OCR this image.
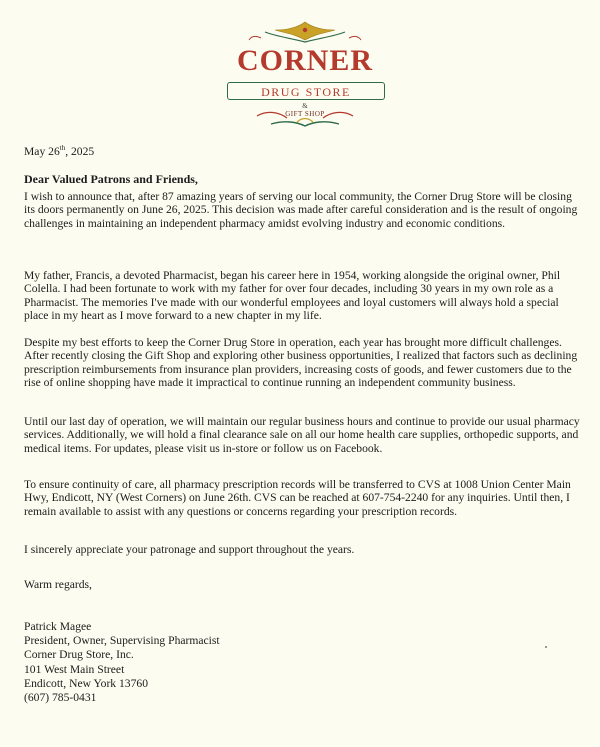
CORNER
DRUG STORE
&
GIFT SHOP
May 26th, 2025
Dear Valued Patrons and Friends,
I wish to announce that, after 87 amazing years of serving our local community, the Corner Drug Store will be closing its doors permanently on June 26, 2025. This decision was made after careful consideration and is the result of ongoing challenges in maintaining an independent pharmacy amidst evolving industry and economic conditions.
My father, Francis, a devoted Pharmacist, began his career here in 1954, working alongside the original owner, Phil Colella. I had been fortunate to work with my father for over four decades, including 30 years in my own role as a Pharmacist. The memories I've made with our wonderful employees and loyal customers will always hold a special place in my heart as I move forward to a new chapter in my life.
Despite my best efforts to keep the Corner Drug Store in operation, each year has brought more difficult challenges. After recently closing the Gift Shop and exploring other business opportunities, I realized that factors such as declining prescription reimbursements from insurance plan providers, increasing costs of goods, and fewer customers due to the rise of online shopping have made it impractical to continue running an independent community business.
Until our last day of operation, we will maintain our regular business hours and continue to provide our usual pharmacy services. Additionally, we will hold a final clearance sale on all our home health care supplies, orthopedic supports, and medical items. For updates, please visit us in-store or follow us on Facebook.
To ensure continuity of care, all pharmacy prescription records will be transferred to CVS at 1008 Union Center Main Hwy, Endicott, NY (West Corners) on June 26th. CVS can be reached at 607-754-2240 for any inquiries. Until then, I remain available to assist with any questions or concerns regarding your prescription records.
I sincerely appreciate your patronage and support throughout the years.
Warm regards,
Patrick Magee
President, Owner, Supervising Pharmacist
Corner Drug Store, Inc.
101 West Main Street
Endicott, New York 13760
(607) 785-0431
